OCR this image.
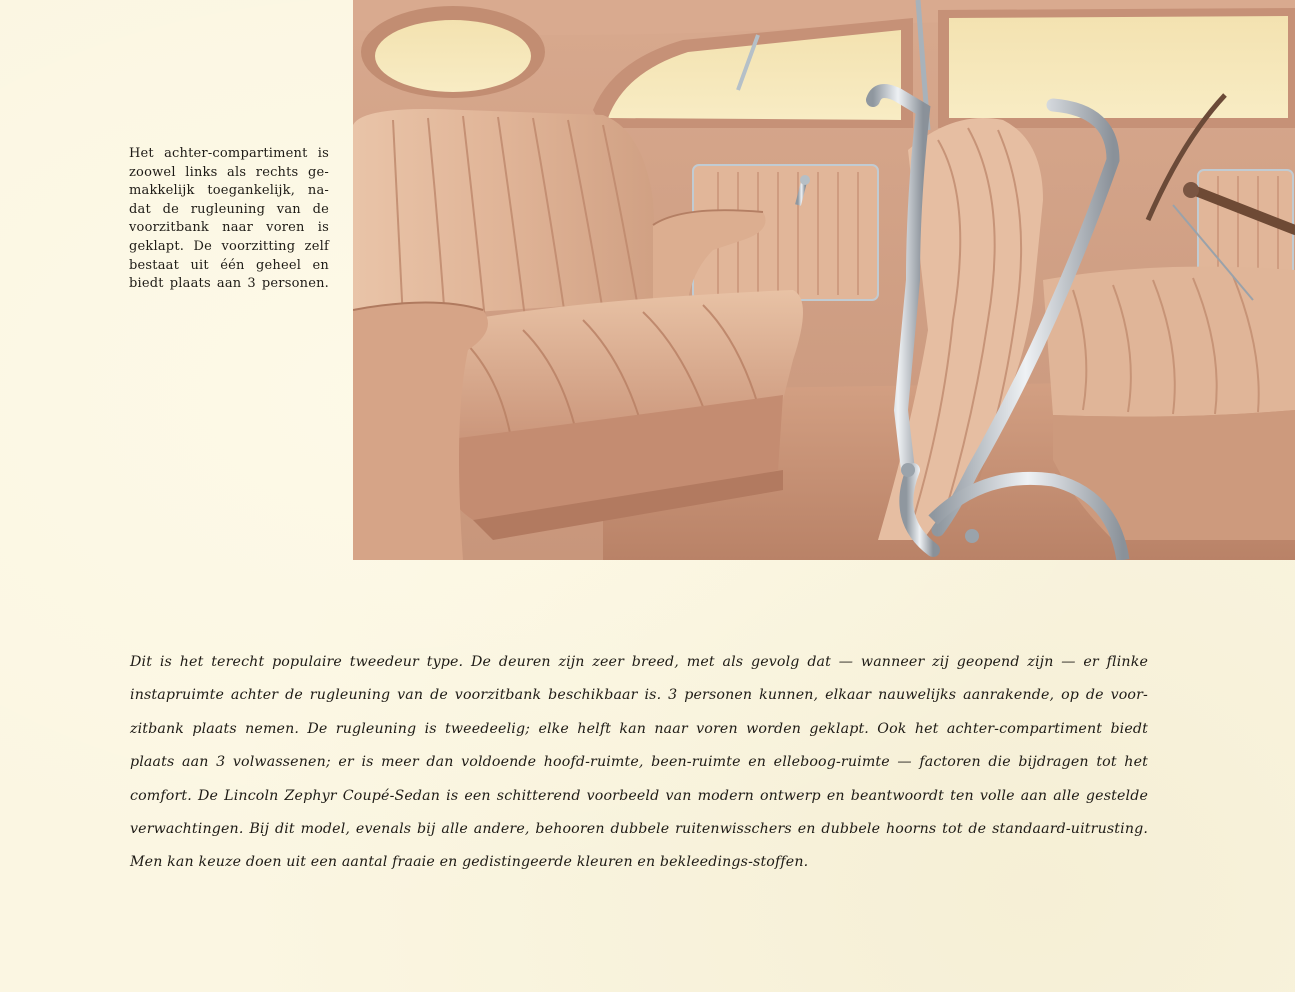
Het achter-compartiment is
zoowel links als rechts ge-
makkelijk toegankelijk, na-
dat de rugleuning van de
voorzitbank naar voren is
geklapt. De voorzitting zelf
bestaat uit één geheel en
biedt plaats aan 3 personen.

Dit is het terecht populaire tweedeur type. De deuren zijn zeer breed, met als gevolg dat — wanneer zij geopend zijn — er flinke
instapruimte achter de rugleuning van de voorzitbank beschikbaar is. 3 personen kunnen, elkaar nauwelijks aanrakende, op de voor-
zitbank plaats nemen. De rugleuning is tweedeelig; elke helft kan naar voren worden geklapt. Ook het achter-compartiment biedt
plaats aan 3 volwassenen; er is meer dan voldoende hoofd-ruimte, been-ruimte en elleboog-ruimte — factoren die bijdragen tot het
comfort. De Lincoln Zephyr Coupé-Sedan is een schitterend voorbeeld van modern ontwerp en beantwoordt ten volle aan alle gestelde
verwachtingen. Bij dit model, evenals bij alle andere, behooren dubbele ruitenwisschers en dubbele hoorns tot de standaard-uitrusting.
Men kan keuze doen uit een aantal fraaie en gedistingeerde kleuren en bekleedings-stoffen.
